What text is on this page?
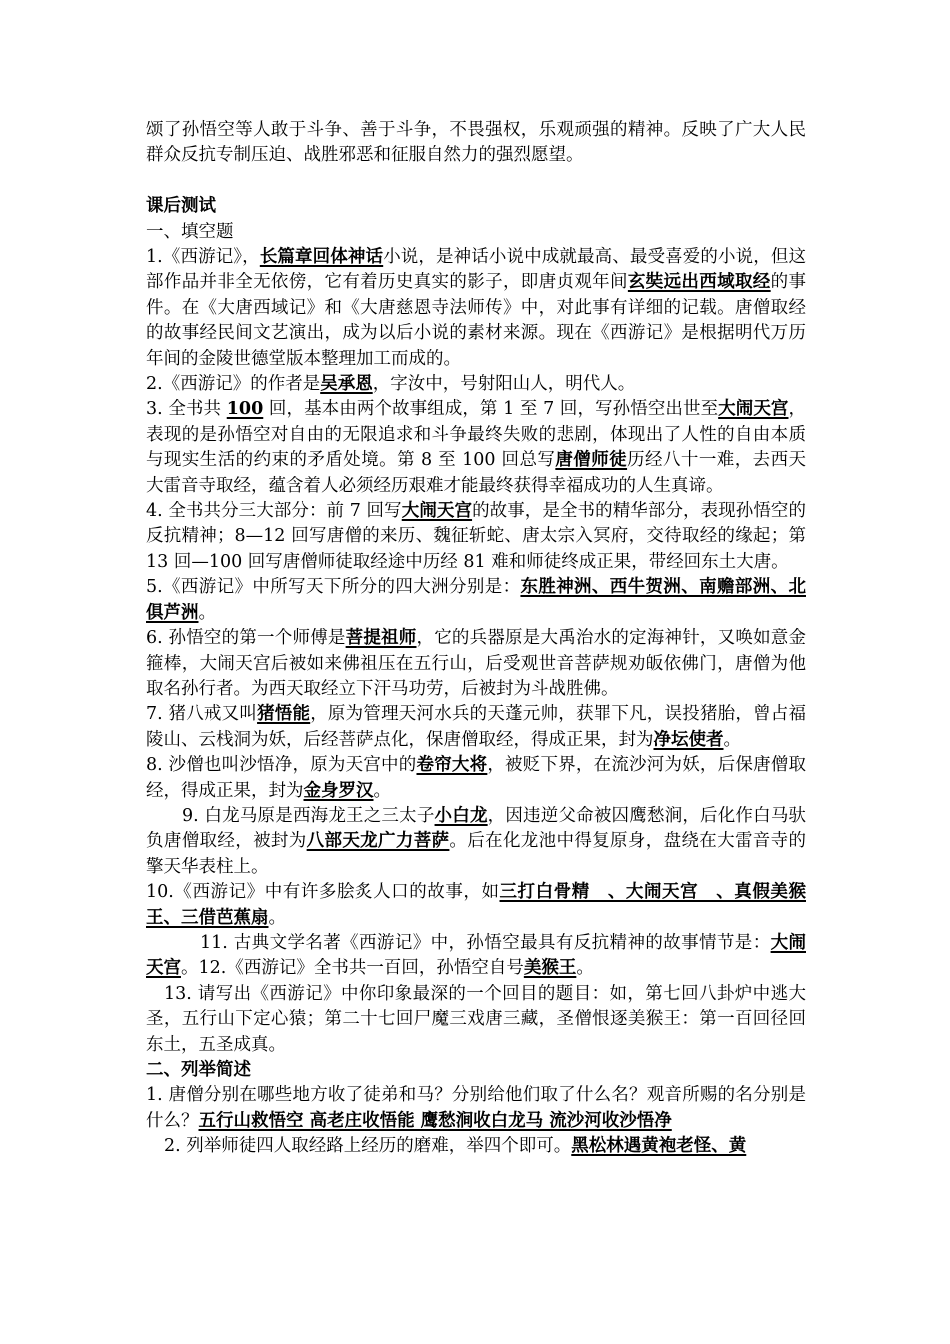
颂了孙悟空等人敢于斗争、善于斗争，不畏强权，乐观顽强的精神。反映了广大人民群众反抗专制压迫、战胜邪恶和征服自然力的强烈愿望。

课后测试

一、填空题

1.《西游记》，长篇章回体神话小说，是神话小说中成就最高、最受喜爱的小说，但这部作品并非全无依傍，它有着历史真实的影子，即唐贞观年间玄奘远出西域取经的事件。在《大唐西域记》和《大唐慈恩寺法师传》中，对此事有详细的记载。唐僧取经的故事经民间文艺演出，成为以后小说的素材来源。现在《西游记》是根据明代万历年间的金陵世德堂版本整理加工而成的。

2.《西游记》的作者是吴承恩，字汝中，号射阳山人，明代人。

3. 全书共 100 回，基本由两个故事组成，第 1 至 7 回，写孙悟空出世至大闹天宫，表现的是孙悟空对自由的无限追求和斗争最终失败的悲剧，体现出了人性的自由本质与现实生活的约束的矛盾处境。第 8 至 100 回总写唐僧师徒历经八十一难，去西天大雷音寺取经，蕴含着人必须经历艰难才能最终获得幸福成功的人生真谛。

4. 全书共分三大部分：前 7 回写大闹天宫的故事，是全书的精华部分，表现孙悟空的反抗精神；8—12 回写唐僧的来历、魏征斩蛇、唐太宗入冥府，交待取经的缘起；第 13 回—100 回写唐僧师徒取经途中历经 81 难和师徒终成正果，带经回东土大唐。

5.《西游记》中所写天下所分的四大洲分别是：东胜神洲、西牛贺洲、南赡部洲、北俱芦洲。

6. 孙悟空的第一个师傅是菩提祖师，它的兵器原是大禹治水的定海神针，又唤如意金箍棒，大闹天宫后被如来佛祖压在五行山，后受观世音菩萨规劝皈依佛门，唐僧为他取名孙行者。为西天取经立下汗马功劳，后被封为斗战胜佛。

7. 猪八戒又叫猪悟能，原为管理天河水兵的天蓬元帅，获罪下凡，误投猪胎，曾占福陵山、云栈洞为妖，后经菩萨点化，保唐僧取经，得成正果，封为净坛使者。

8. 沙僧也叫沙悟净，原为天宫中的卷帘大将，被贬下界，在流沙河为妖，后保唐僧取经，得成正果，封为金身罗汉。

9. 白龙马原是西海龙王之三太子小白龙，因违逆父命被囚鹰愁涧，后化作白马驮负唐僧取经，被封为八部天龙广力菩萨。后在化龙池中得复原身，盘绕在大雷音寺的擎天华表柱上。

10.《西游记》中有许多脍炙人口的故事，如三打白骨精　、大闹天宫　、真假美猴王、三借芭蕉扇。

11. 古典文学名著《西游记》中，孙悟空最具有反抗精神的故事情节是：大闹天宫。12.《西游记》全书共一百回，孙悟空自号美猴王。

13. 请写出《西游记》中你印象最深的一个回目的题目：如，第七回八卦炉中逃大圣，五行山下定心猿；第二十七回尸魔三戏唐三藏，圣僧恨逐美猴王：第一百回径回东土，五圣成真。

二、列举简述

1. 唐僧分别在哪些地方收了徒弟和马？分别给他们取了什么名？观音所赐的名分别是什么？五行山救悟空 高老庄收悟能 鹰愁涧收白龙马 流沙河收沙悟净

2. 列举师徒四人取经路上经历的磨难，举四个即可。黑松林遇黄袍老怪、黄
